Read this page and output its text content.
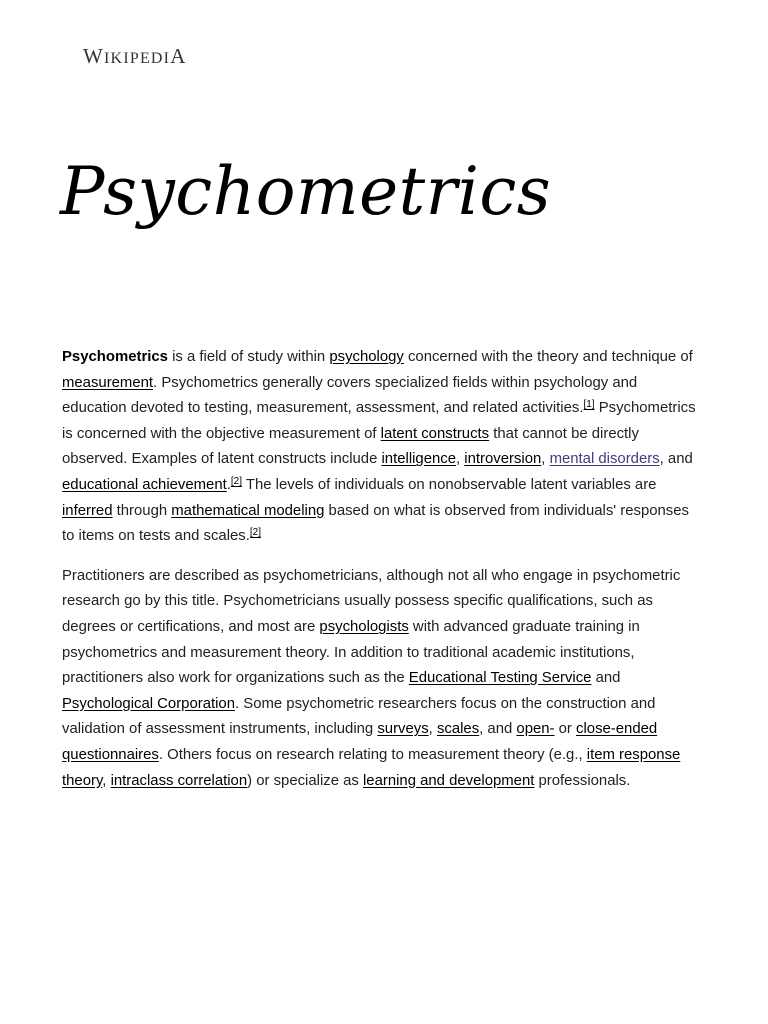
WIKIPEDIA
Psychometrics

Psychometrics is a field of study within psychology concerned with the theory and technique of
measurement. Psychometrics generally covers specialized fields within psychology and
education devoted to testing, measurement, assessment, and related activities.[1] Psychometrics
is concerned with the objective measurement of latent constructs that cannot be directly
observed. Examples of latent constructs include intelligence, introversion, mental disorders, and
educational achievement.[2] The levels of individuals on nonobservable latent variables are
inferred through mathematical modeling based on what is observed from individuals' responses
to items on tests and scales.[2]

Practitioners are described as psychometricians, although not all who engage in psychometric
research go by this title. Psychometricians usually possess specific qualifications, such as
degrees or certifications, and most are psychologists with advanced graduate training in
psychometrics and measurement theory. In addition to traditional academic institutions,
practitioners also work for organizations such as the Educational Testing Service and
Psychological Corporation. Some psychometric researchers focus on the construction and
validation of assessment instruments, including surveys, scales, and open- or close-ended
questionnaires. Others focus on research relating to measurement theory (e.g., item response
theory, intraclass correlation) or specialize as learning and development professionals.
